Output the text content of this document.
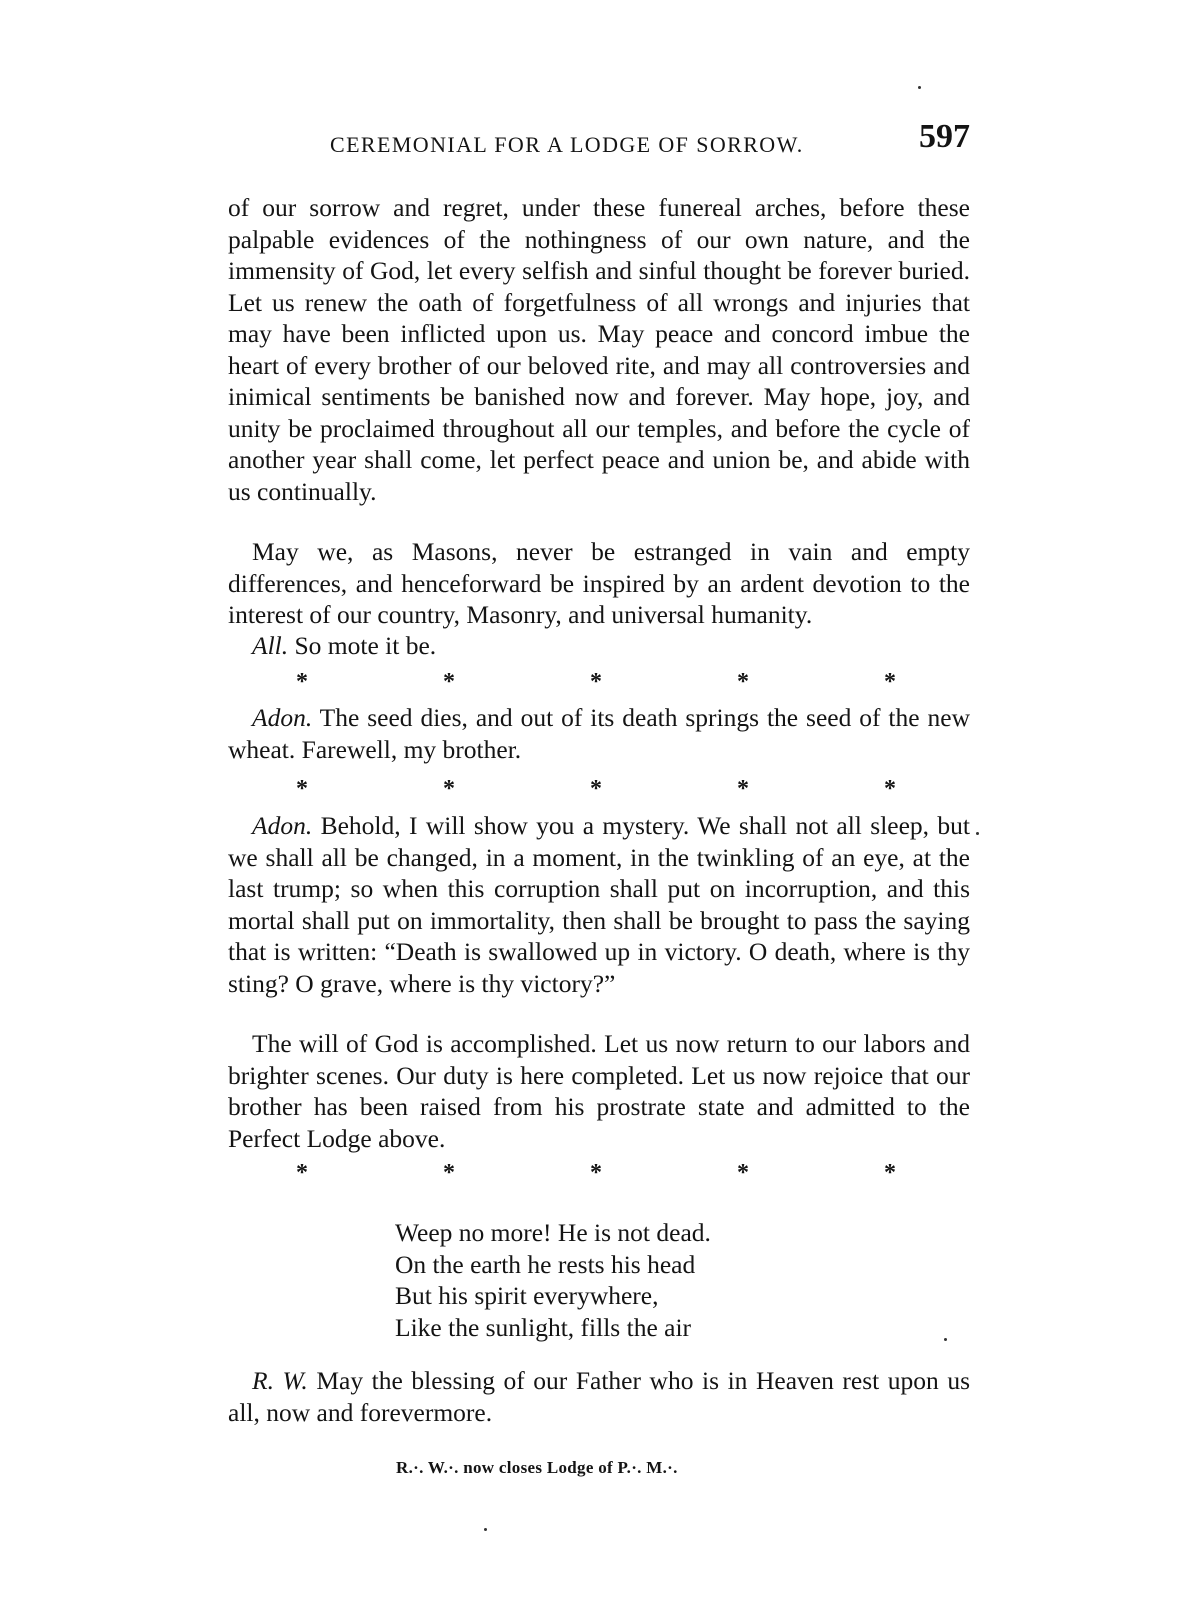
CEREMONIAL FOR A LODGE OF SORROW.	597

of our sorrow and regret, under these funereal arches, before these palpable evidences of the nothingness of our own nature, and the immensity of God, let every selfish and sinful thought be forever buried. Let us renew the oath of forgetfulness of all wrongs and injuries that may have been inflicted upon us. May peace and concord imbue the heart of every brother of our beloved rite, and may all controversies and inimical sentiments be banished now and forever. May hope, joy, and unity be proclaimed throughout all our temples, and before the cycle of another year shall come, let perfect peace and union be, and abide with us continually.

May we, as Masons, never be estranged in vain and empty differences, and henceforward be inspired by an ardent devotion to the interest of our country, Masonry, and universal humanity.

All. So mote it be.

*	*	*	*	*

Adon. The seed dies, and out of its death springs the seed of the new wheat. Farewell, my brother.

*	*	*	*	*

Adon. Behold, I will show you a mystery. We shall not all sleep, but we shall all be changed, in a moment, in the twinkling of an eye, at the last trump; so when this corruption shall put on incorruption, and this mortal shall put on immortality, then shall be brought to pass the saying that is written: “Death is swallowed up in victory. O death, where is thy sting? O grave, where is thy victory?”

The will of God is accomplished. Let us now return to our labors and brighter scenes. Our duty is here completed. Let us now rejoice that our brother has been raised from his prostrate state and admitted to the Perfect Lodge above.

*	*	*	*	*
Weep no more! He is not dead.
On the earth he rests his head
But his spirit everywhere,
Like the sunlight, fills the air

R. W. May the blessing of our Father who is in Heaven rest upon us all, now and forevermore.

R.·. W.·. now closes Lodge of P.·. M.·.
